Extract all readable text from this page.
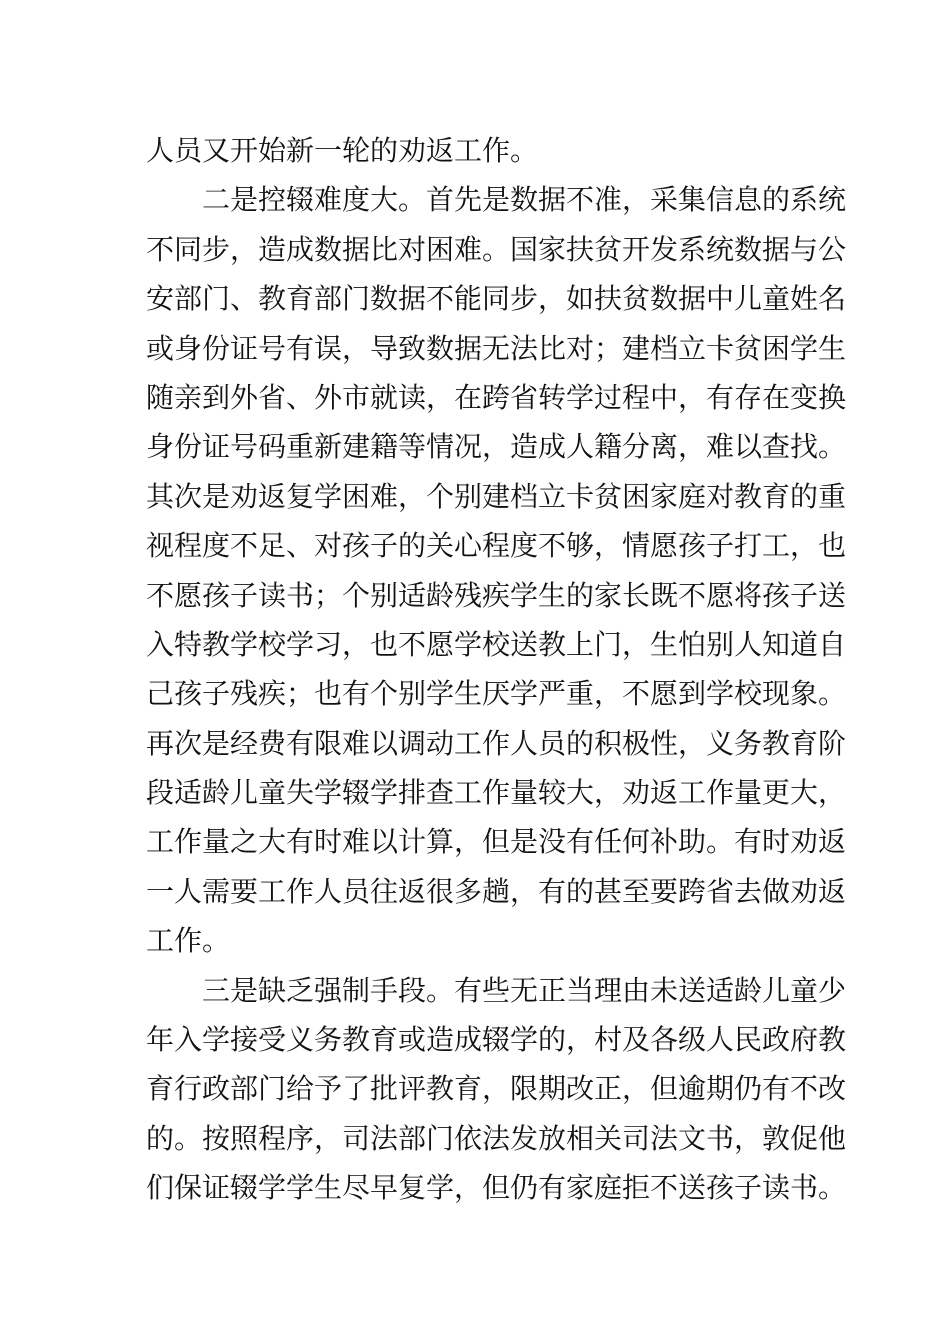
人员又开始新一轮的劝返工作。
二是控辍难度大。首先是数据不准，采集信息的系统
不同步，造成数据比对困难。国家扶贫开发系统数据与公
安部门、教育部门数据不能同步，如扶贫数据中儿童姓名
或身份证号有误，导致数据无法比对；建档立卡贫困学生
随亲到外省、外市就读，在跨省转学过程中，有存在变换
身份证号码重新建籍等情况，造成人籍分离，难以查找。
其次是劝返复学困难，个别建档立卡贫困家庭对教育的重
视程度不足、对孩子的关心程度不够，情愿孩子打工，也
不愿孩子读书；个别适龄残疾学生的家长既不愿将孩子送
入特教学校学习，也不愿学校送教上门，生怕别人知道自
己孩子残疾；也有个别学生厌学严重，不愿到学校现象。
再次是经费有限难以调动工作人员的积极性，义务教育阶
段适龄儿童失学辍学排查工作量较大，劝返工作量更大，
工作量之大有时难以计算，但是没有任何补助。有时劝返
一人需要工作人员往返很多趟，有的甚至要跨省去做劝返
工作。
三是缺乏强制手段。有些无正当理由未送适龄儿童少
年入学接受义务教育或造成辍学的，村及各级人民政府教
育行政部门给予了批评教育，限期改正，但逾期仍有不改
的。按照程序，司法部门依法发放相关司法文书，敦促他
们保证辍学学生尽早复学，但仍有家庭拒不送孩子读书。
